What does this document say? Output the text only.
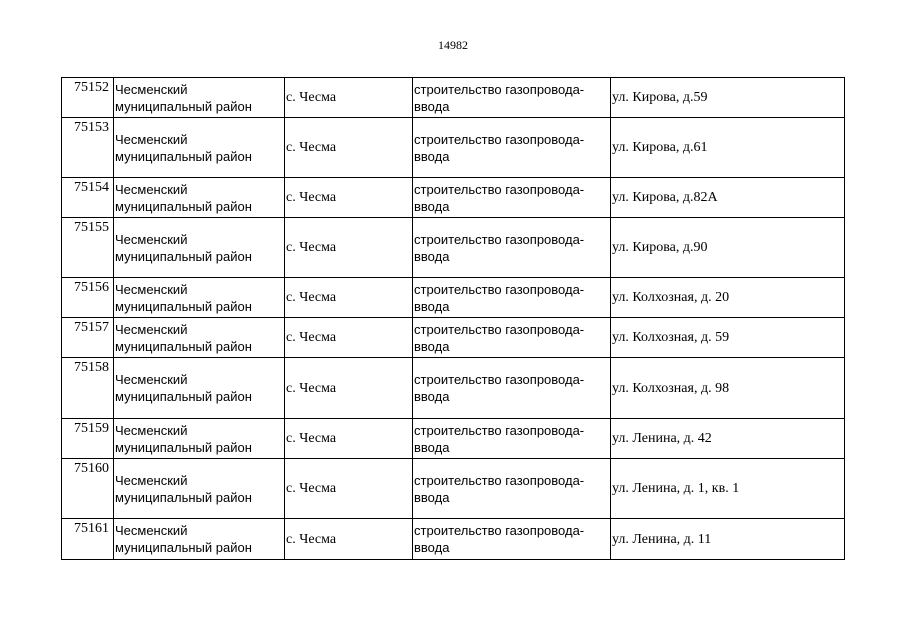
14982
75152	Чесменский муниципальный район	с. Чесма	строительство газопровода-ввода	ул. Кирова, д.59
75153	Чесменский муниципальный район	с. Чесма	строительство газопровода-ввода	ул. Кирова, д.61
75154	Чесменский муниципальный район	с. Чесма	строительство газопровода-ввода	ул. Кирова, д.82А
75155	Чесменский муниципальный район	с. Чесма	строительство газопровода-ввода	ул. Кирова, д.90
75156	Чесменский муниципальный район	с. Чесма	строительство газопровода-ввода	ул. Колхозная, д. 20
75157	Чесменский муниципальный район	с. Чесма	строительство газопровода-ввода	ул. Колхозная, д. 59
75158	Чесменский муниципальный район	с. Чесма	строительство газопровода-ввода	ул. Колхозная, д. 98
75159	Чесменский муниципальный район	с. Чесма	строительство газопровода-ввода	ул. Ленина, д. 42
75160	Чесменский муниципальный район	с. Чесма	строительство газопровода-ввода	ул. Ленина, д. 1, кв. 1
75161	Чесменский муниципальный район	с. Чесма	строительство газопровода-ввода	ул. Ленина, д. 11
